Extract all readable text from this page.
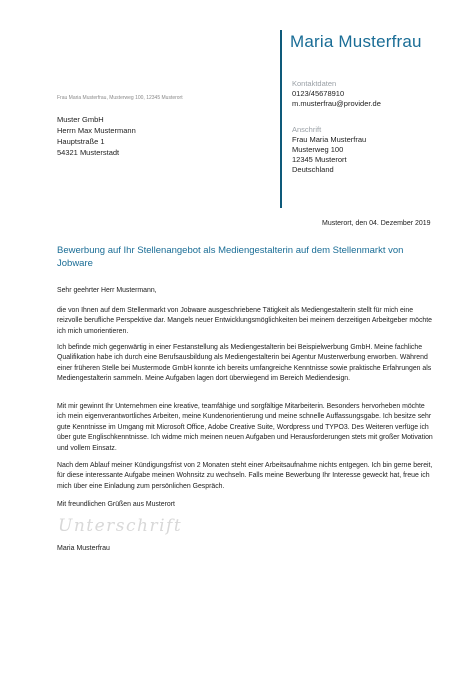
Maria Musterfrau
Kontaktdaten
0123/45678910
m.musterfrau@provider.de
Anschrift
Frau Maria Musterfrau
Musterweg 100
12345 Musterort
Deutschland
Frau Maria Musterfrau, Musterweg 100, 12345 Musterort
Muster GmbH
Herrn Max Mustermann
Hauptstraße 1
54321 Musterstadt
Musterort, den 04. Dezember 2019
Bewerbung auf Ihr Stellenangebot als Mediengestalterin auf dem Stellenmarkt von Jobware

Sehr geehrter Herr Mustermann,

die von Ihnen auf dem Stellenmarkt von Jobware ausgeschriebene Tätigkeit als Mediengestalterin stellt für mich eine reizvolle berufliche Perspektive dar. Mangels neuer Entwicklungsmöglichkeiten bei meinem derzeitigen Arbeitgeber möchte ich mich umorientieren.

Ich befinde mich gegenwärtig in einer Festanstellung als Mediengestalterin bei Beispielwerbung GmbH. Meine fachliche Qualifikation habe ich durch eine Berufsausbildung als Mediengestalterin bei Agentur Musterwerbung erworben. Während einer früheren Stelle bei Mustermode GmbH konnte ich bereits umfangreiche Kenntnisse sowie praktische Erfahrungen als Mediengestalterin sammeln. Meine Aufgaben lagen dort überwiegend im Bereich Mediendesign.

Mit mir gewinnt Ihr Unternehmen eine kreative, teamfähige und sorgfältige Mitarbeiterin. Besonders hervorheben möchte ich mein eigenverantwortliches Arbeiten, meine Kundenorientierung und meine schnelle Auffassungsgabe. Ich besitze sehr gute Kenntnisse im Umgang mit Microsoft Office, Adobe Creative Suite, Wordpress und TYPO3. Des Weiteren verfüge ich über gute Englischkenntnisse. Ich widme mich meinen neuen Aufgaben und Herausforderungen stets mit großer Motivation und vollem Einsatz.

Nach dem Ablauf meiner Kündigungsfrist von 2 Monaten steht einer Arbeitsaufnahme nichts entgegen. Ich bin gerne bereit, für diese interessante Aufgabe meinen Wohnsitz zu wechseln. Falls meine Bewerbung Ihr Interesse geweckt hat, freue ich mich über eine Einladung zum persönlichen Gespräch.

Mit freundlichen Grüßen aus Musterort

Unterschrift
Maria Musterfrau
